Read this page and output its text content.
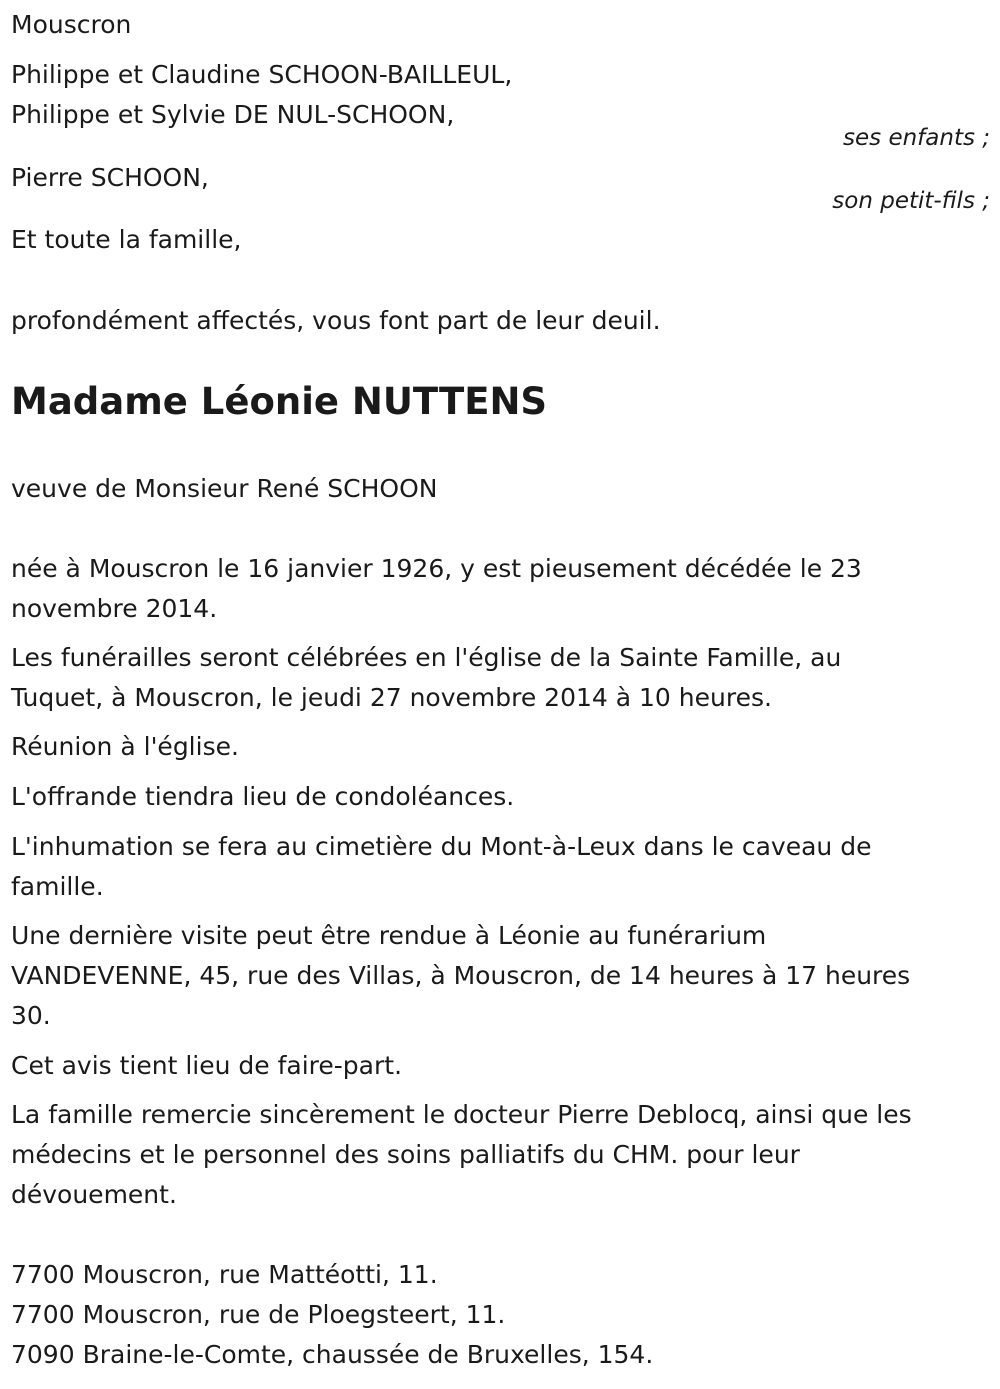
Mouscron
Philippe et Claudine SCHOON-BAILLEUL,
Philippe et Sylvie DE NUL-SCHOON,
ses enfants ;
Pierre SCHOON,
son petit-fils ;
Et toute la famille,
profondément affectés, vous font part de leur deuil.
Madame Léonie NUTTENS
veuve de Monsieur René SCHOON
née à Mouscron le 16 janvier 1926, y est pieusement décédée le 23
novembre 2014.
Les funérailles seront célébrées en l'église de la Sainte Famille, au
Tuquet, à Mouscron, le jeudi 27 novembre 2014 à 10 heures.
Réunion à l'église.
L'offrande tiendra lieu de condoléances.
L'inhumation se fera au cimetière du Mont-à-Leux dans le caveau de
famille.
Une dernière visite peut être rendue à Léonie au funérarium
VANDEVENNE, 45, rue des Villas, à Mouscron, de 14 heures à 17 heures
30.
Cet avis tient lieu de faire-part.
La famille remercie sincèrement le docteur Pierre Deblocq, ainsi que les
médecins et le personnel des soins palliatifs du CHM. pour leur
dévouement.
7700 Mouscron, rue Mattéotti, 11.
7700 Mouscron, rue de Ploegsteert, 11.
7090 Braine-le-Comte, chaussée de Bruxelles, 154.
